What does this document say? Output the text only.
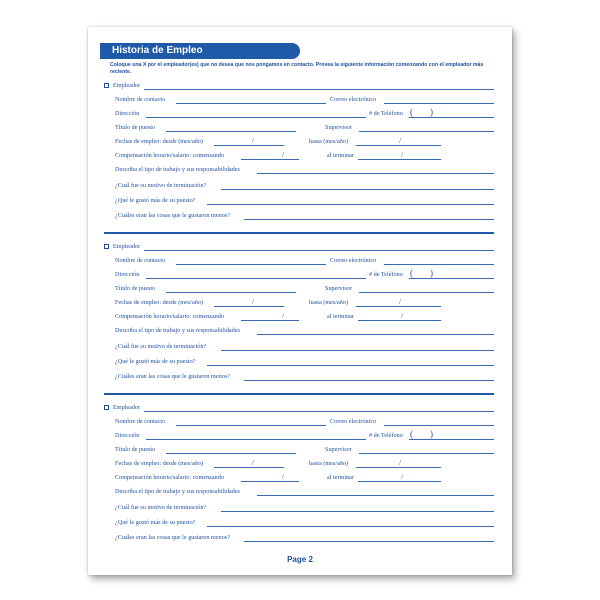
Historia de Empleo
Coloque una X por el empleador(es) que no desea que nos pongamos en contacto. Provea la siguiente información comenzando con el empleador más reciente.
Empleador
Nombre de contacto	Correo electrónico
Dirección	# de Teléfono ( )
Título de puesto	Supervisor
Fechas de empleo: desde (mes/año)	/	hasta (mes/año)	/
Compensación horario/salario: comenzando	/	al terminar	/
Describa el tipo de trabajo y sus responsabilidades
¿Cuál fue su motivo de terminación?
¿Qué le gustó más de su puesto?
¿Cuáles eran las cosas que le gustaron menos?
Empleador
Nombre de contacto	Correo electrónico
Dirección	# de Teléfono ( )
Título de puesto	Supervisor
Fechas de empleo: desde (mes/año)	/	hasta (mes/año)	/
Compensación horario/salario: comenzando	/	al terminar	/
Describa el tipo de trabajo y sus responsabilidades
¿Cuál fue su motivo de terminación?
¿Qué le gustó más de su puesto?
¿Cuáles eran las cosas que le gustaron menos?
Empleador
Nombre de contacto	Correo electrónico
Dirección	# de Teléfono ( )
Título de puesto	Supervisor
Fechas de empleo: desde (mes/año)	/	hasta (mes/año)	/
Compensación horario/salario: comenzando	/	al terminar	/
Describa el tipo de trabajo y sus responsabilidades
¿Cuál fue su motivo de terminación?
¿Qué le gustó más de su puesto?
¿Cuáles eran las cosas que le gustaron menos?
Page 2
